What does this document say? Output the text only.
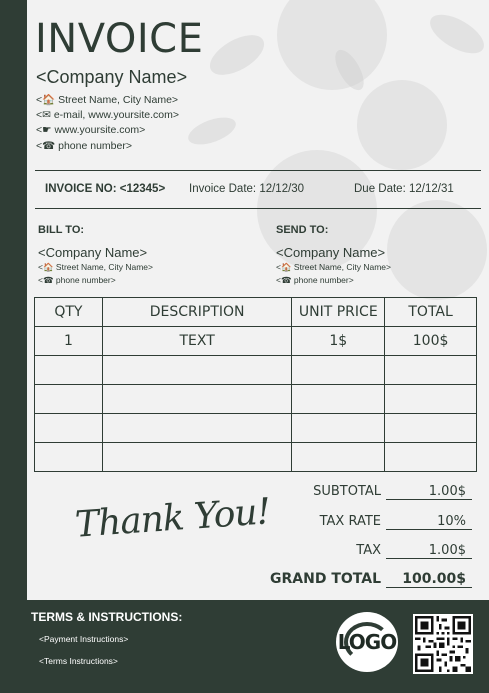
INVOICE
<Company Name>
<🏠 Street Name, City Name>
<✉ e-mail, www.yoursite.com>
<☛ www.yoursite.com>
<☎ phone number>
INVOICE NO: <12345> Invoice Date: 12/12/30	Due Date: 12/12/31
BILL TO:
<Company Name>
<🏠 Street Name, City Name>
<☎ phone number>
SEND TO:
<Company Name>
<🏠 Street Name, City Name>
<☎ phone number>
QTY	DESCRIPTION	UNIT PRICE	TOTAL
1	TEXT	1$	100$

Thank You!	SUBTOTAL	1.00$
TAX RATE	10%
TAX	1.00$
GRAND TOTAL	100.00$
TERMS & INSTRUCTIONS:
<Payment Instructions>
<Terms Instructions>
LOGO
